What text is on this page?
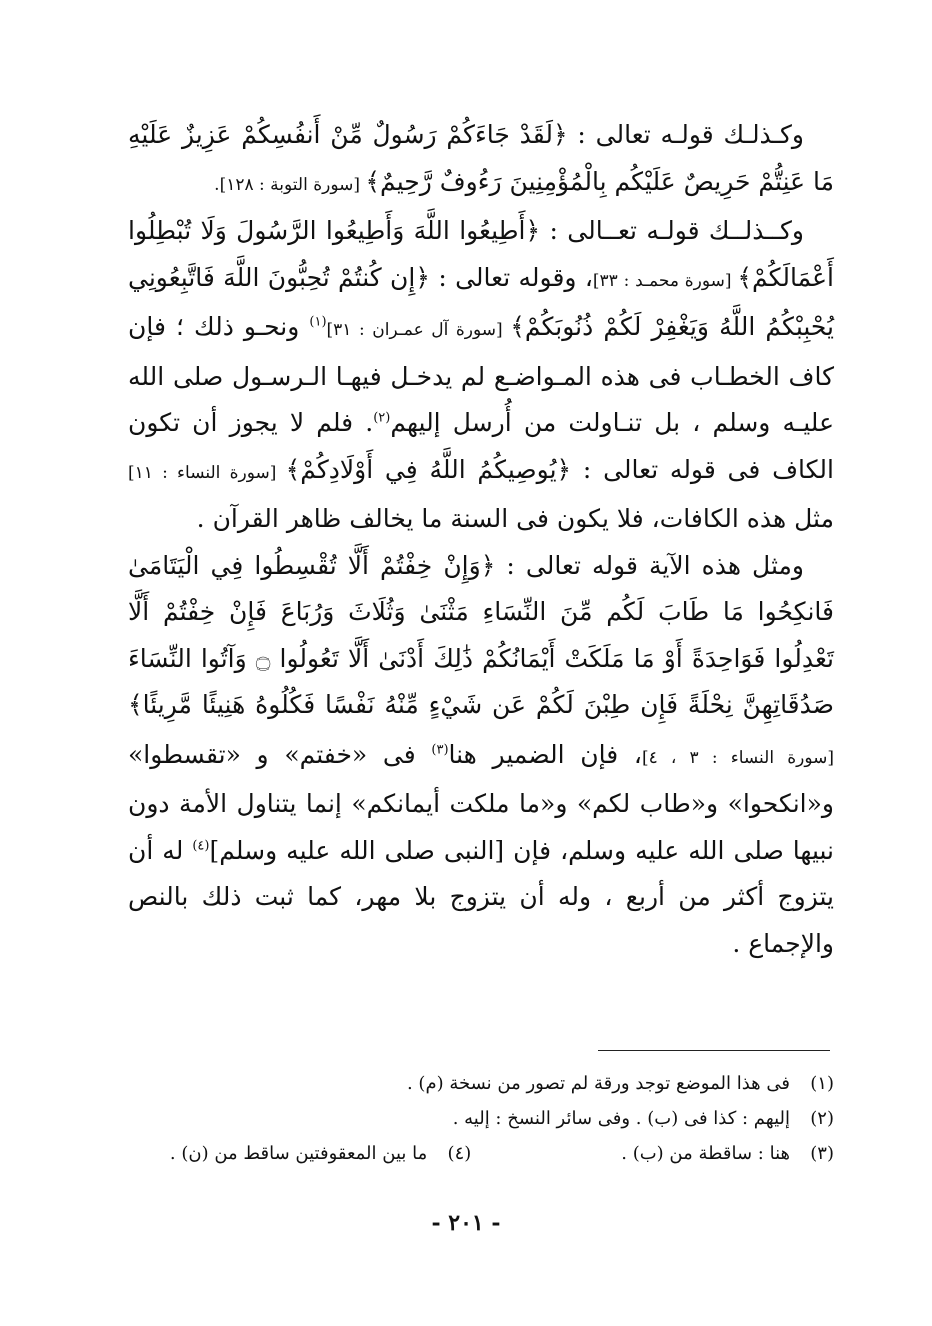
وكـذلـك قولـه تعالى : ﴿لَقَدْ جَاءَكُمْ رَسُولٌ مِّنْ أَنفُسِكُمْ عَزِيزٌ عَلَيْهِ مَا عَنِتُّمْ حَرِيصٌ عَلَيْكُم بِالْمُؤْمِنِينَ رَءُوفٌ رَّحِيمٌ﴾ [سورة التوبة : ١٢٨].

وكــذلــك قولـه تعــالى : ﴿أَطِيعُوا اللَّهَ وَأَطِيعُوا الرَّسُولَ وَلَا تُبْطِلُوا أَعْمَالَكُمْ﴾ [سورة محمـد : ٣٣]، وقوله تعالى : ﴿إِن كُنتُمْ تُحِبُّونَ اللَّهَ فَاتَّبِعُونِي يُحْبِبْكُمُ اللَّهُ وَيَغْفِرْ لَكُمْ ذُنُوبَكُمْ﴾ [سورة آل عمـران : ٣١]$^{(١)}$ ونحـو ذلك ؛ فإن كاف الخطـاب فى هذه المـواضـع لم يدخـل فيهـا الـرسـول صلى الله عليـه وسلم ، بل تنـاولت من أُرسل إليهم$^{(٢)}$. فلم لا يجوز أن تكون الكاف فى قوله تعالى : ﴿يُوصِيكُمُ اللَّهُ فِي أَوْلَادِكُمْ﴾ [سورة النساء : ١١] مثل هذه الكافات، فلا يكون فى السنة ما يخالف ظاهر القرآن .

ومثل هذه الآية قوله تعالى : ﴿وَإِنْ خِفْتُمْ أَلَّا تُقْسِطُوا فِي الْيَتَامَىٰ فَانكِحُوا مَا طَابَ لَكُم مِّنَ النِّسَاءِ مَثْنَىٰ وَثُلَاثَ وَرُبَاعَ فَإِنْ خِفْتُمْ أَلَّا تَعْدِلُوا فَوَاحِدَةً أَوْ مَا مَلَكَتْ أَيْمَانُكُمْ ذَٰلِكَ أَدْنَىٰ أَلَّا تَعُولُوا ۝ وَآتُوا النِّسَاءَ صَدُقَاتِهِنَّ نِحْلَةً فَإِن طِبْنَ لَكُمْ عَن شَيْءٍ مِّنْهُ نَفْسًا فَكُلُوهُ هَنِيئًا مَّرِيئًا﴾ [سورة النساء : ٣ ، ٤]، فإن الضمير هنا$^{(٣)}$ فى «خفتم» و «تقسطوا» و«انكحوا» و«طاب لكم» و«ما ملكت أيمانكم» إنما يتناول الأمة دون نبيها صلى الله عليه وسلم، فإن [النبى صلى الله عليه وسلم]$^{(٤)}$ له أن يتزوج أكثر من أربع ، وله أن يتزوج بلا مهر، كما ثبت ذلك بالنص والإجماع .

(١)
فى هذا الموضع توجد ورقة لم تصور من نسخة (م) .
(٢)
إليهم : كذا فى (ب) . وفى سائر النسخ : إليه .
(٣)
هنا : ساقطة من (ب) .
(٤)
ما بين المعقوفتين ساقط من (ن) .
- ٢٠١ -
